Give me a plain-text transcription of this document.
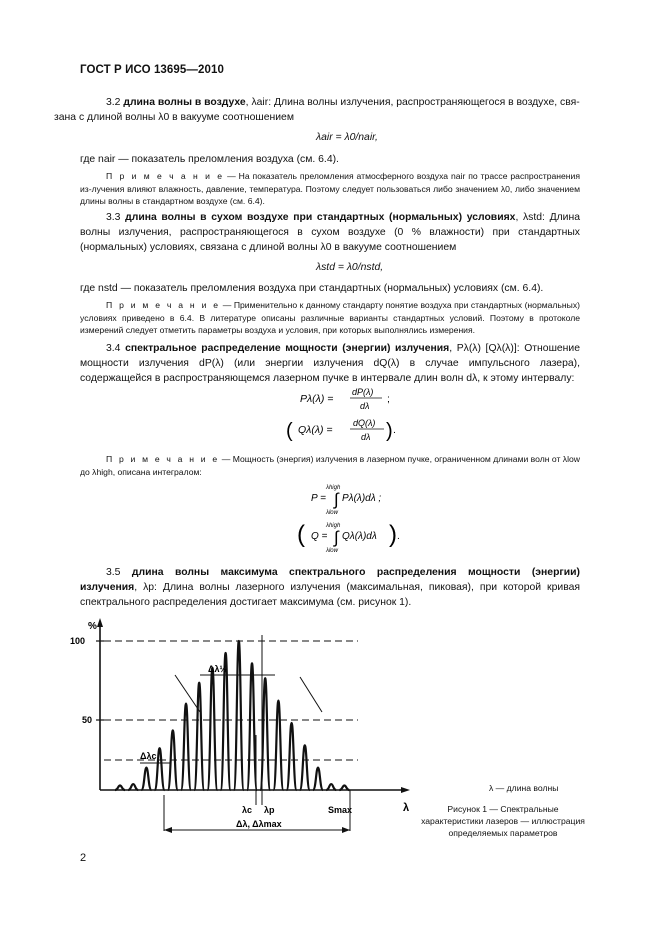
ГОСТ Р ИСО 13695—2010
3.2 длина волны в воздухе, λair: Длина волны излучения, распространяющегося в воздухе, свя-

зана с длиной волны λ0 в вакууме соотношением
λair = λ0/nair,
где nair — показатель преломления воздуха (см. 6.4).
П р и м е ч а н и е — На показатель преломления атмосферного воздуха nair по трассе распространения из-лучения влияют влажность, давление, температура. Поэтому следует пользоваться либо значением λ0, либо значением длины волны в стандартном воздухе (см. 6.4).
3.3 длина волны в сухом воздухе при стандартных (нормальных) условиях, λstd: Длина волны излучения, распространяющегося в сухом воздухе (0 % влажности) при стандартных (нормальных) условиях, связана с длиной волны λ0 в вакууме соотношением
λstd = λ0/nstd,
где nstd — показатель преломления воздуха при стандартных (нормальных) условиях (см. 6.4).
П р и м е ч а н и е — Применительно к данному стандарту понятие воздуха при стандартных (нормальных) условиях приведено в 6.4. В литературе описаны различные варианты стандартных условий. Поэтому в протоколе измерений следует отметить параметры воздуха и условия, при которых выполнялись измерения.
3.4 спектральное распределение мощности (энергии) излучения, Pλ(λ) [Qλ(λ)]: Отношение мощности излучения dP(λ) (или энергии излучения dQ(λ) в случае импульсного лазера), содержащейся в распространяющемся лазерном пучке в интервале длин волн dλ, к этому интервалу:
Pλ(λ) =
dP(λ)
dλ
;
( Qλ(λ) =
dQ(λ)
dλ ) .
П р и м е ч а н и е — Мощность (энергия) излучения в лазерном пучке, ограниченном длинами волн от λlow до λhigh, описана интегралом:
P =
λhigh
∫
λlow
Pλ(λ)dλ ;
( Q =
λhigh
∫
λlow
Qλ(λ)dλ ) .
3.5 длина волны максимума спектрального распределения мощности (энергии) излучения, λp: Длина волны лазерного излучения (максимальная, пиковая), при которой кривая спектрального распределения достигает максимума (см. рисунок 1).
%
100
50
Δλ½
Δλc
λc λp	Smax
Δλ, Δλmax
λ
λ — длина волны
Рисунок 1 — Спектральные характеристики лазеров — иллюстрация определяемых параметров
2
